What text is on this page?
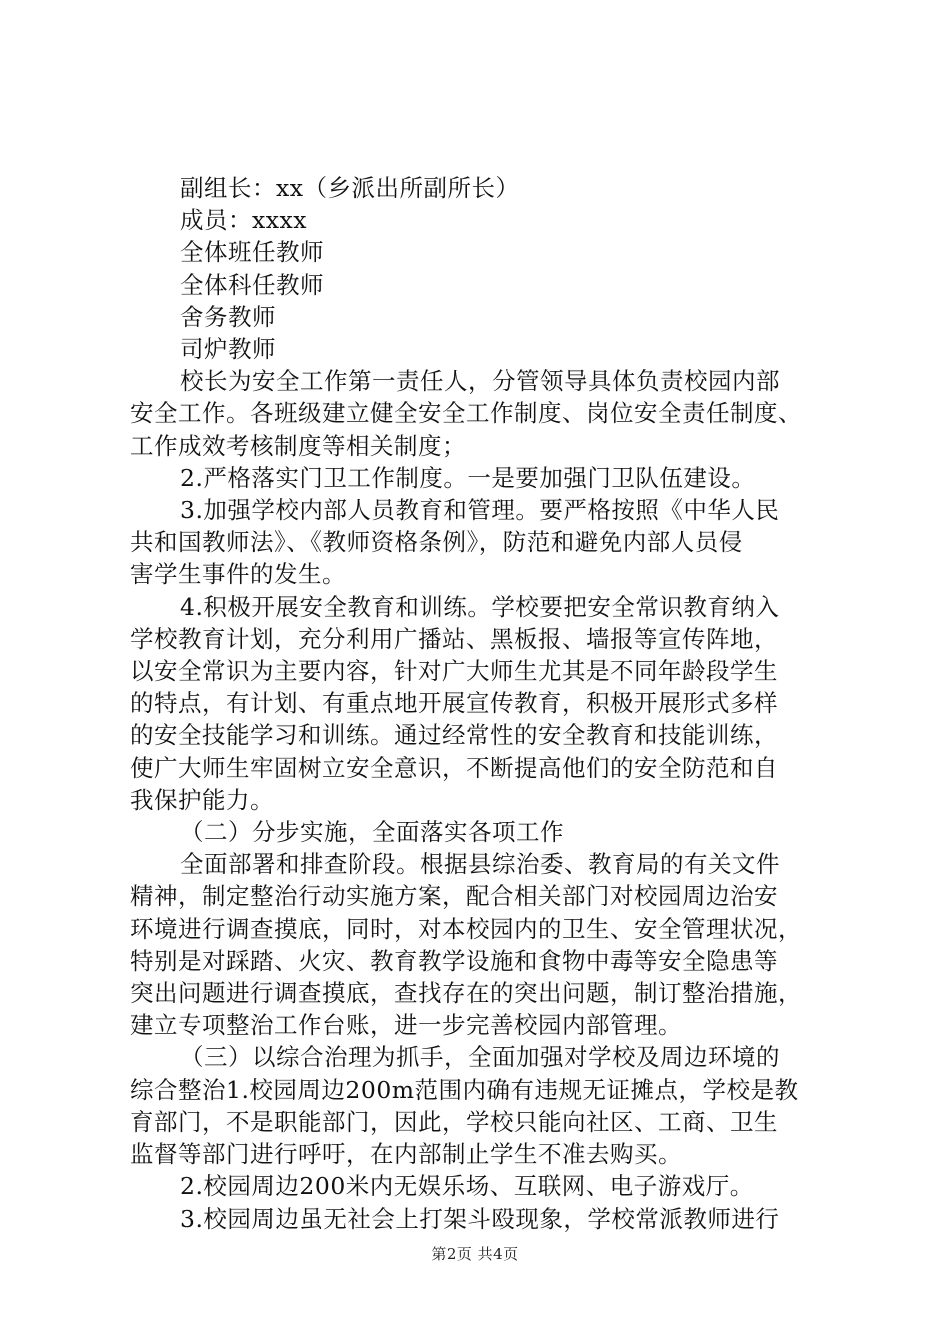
副组长：xx（乡派出所副所长）
成员：xxxx
全体班任教师
全体科任教师
舍务教师
司炉教师
校长为安全工作第一责任人，分管领导具体负责校园内部
安全工作。各班级建立健全安全工作制度、岗位安全责任制度、
工作成效考核制度等相关制度；
2.严格落实门卫工作制度。一是要加强门卫队伍建设。
3.加强学校内部人员教育和管理。要严格按照《中华人民
共和国教师法》、《教师资格条例》，防范和避免内部人员侵
害学生事件的发生。
4.积极开展安全教育和训练。学校要把安全常识教育纳入
学校教育计划，充分利用广播站、黑板报、墙报等宣传阵地，
以安全常识为主要内容，针对广大师生尤其是不同年龄段学生
的特点，有计划、有重点地开展宣传教育，积极开展形式多样
的安全技能学习和训练。通过经常性的安全教育和技能训练，
使广大师生牢固树立安全意识，不断提高他们的安全防范和自
我保护能力。
（二）分步实施，全面落实各项工作
全面部署和排查阶段。根据县综治委、教育局的有关文件
精神，制定整治行动实施方案，配合相关部门对校园周边治安
环境进行调查摸底，同时，对本校园内的卫生、安全管理状况，
特别是对踩踏、火灾、教育教学设施和食物中毒等安全隐患等
突出问题进行调查摸底，查找存在的突出问题，制订整治措施，
建立专项整治工作台账，进一步完善校园内部管理。
（三）以综合治理为抓手，全面加强对学校及周边环境的
综合整治1.校园周边200m范围内确有违规无证摊点，学校是教
育部门，不是职能部门，因此，学校只能向社区、工商、卫生
监督等部门进行呼吁，在内部制止学生不准去购买。
2.校园周边200米内无娱乐场、互联网、电子游戏厅。
3.校园周边虽无社会上打架斗殴现象，学校常派教师进行
第2页 共4页
